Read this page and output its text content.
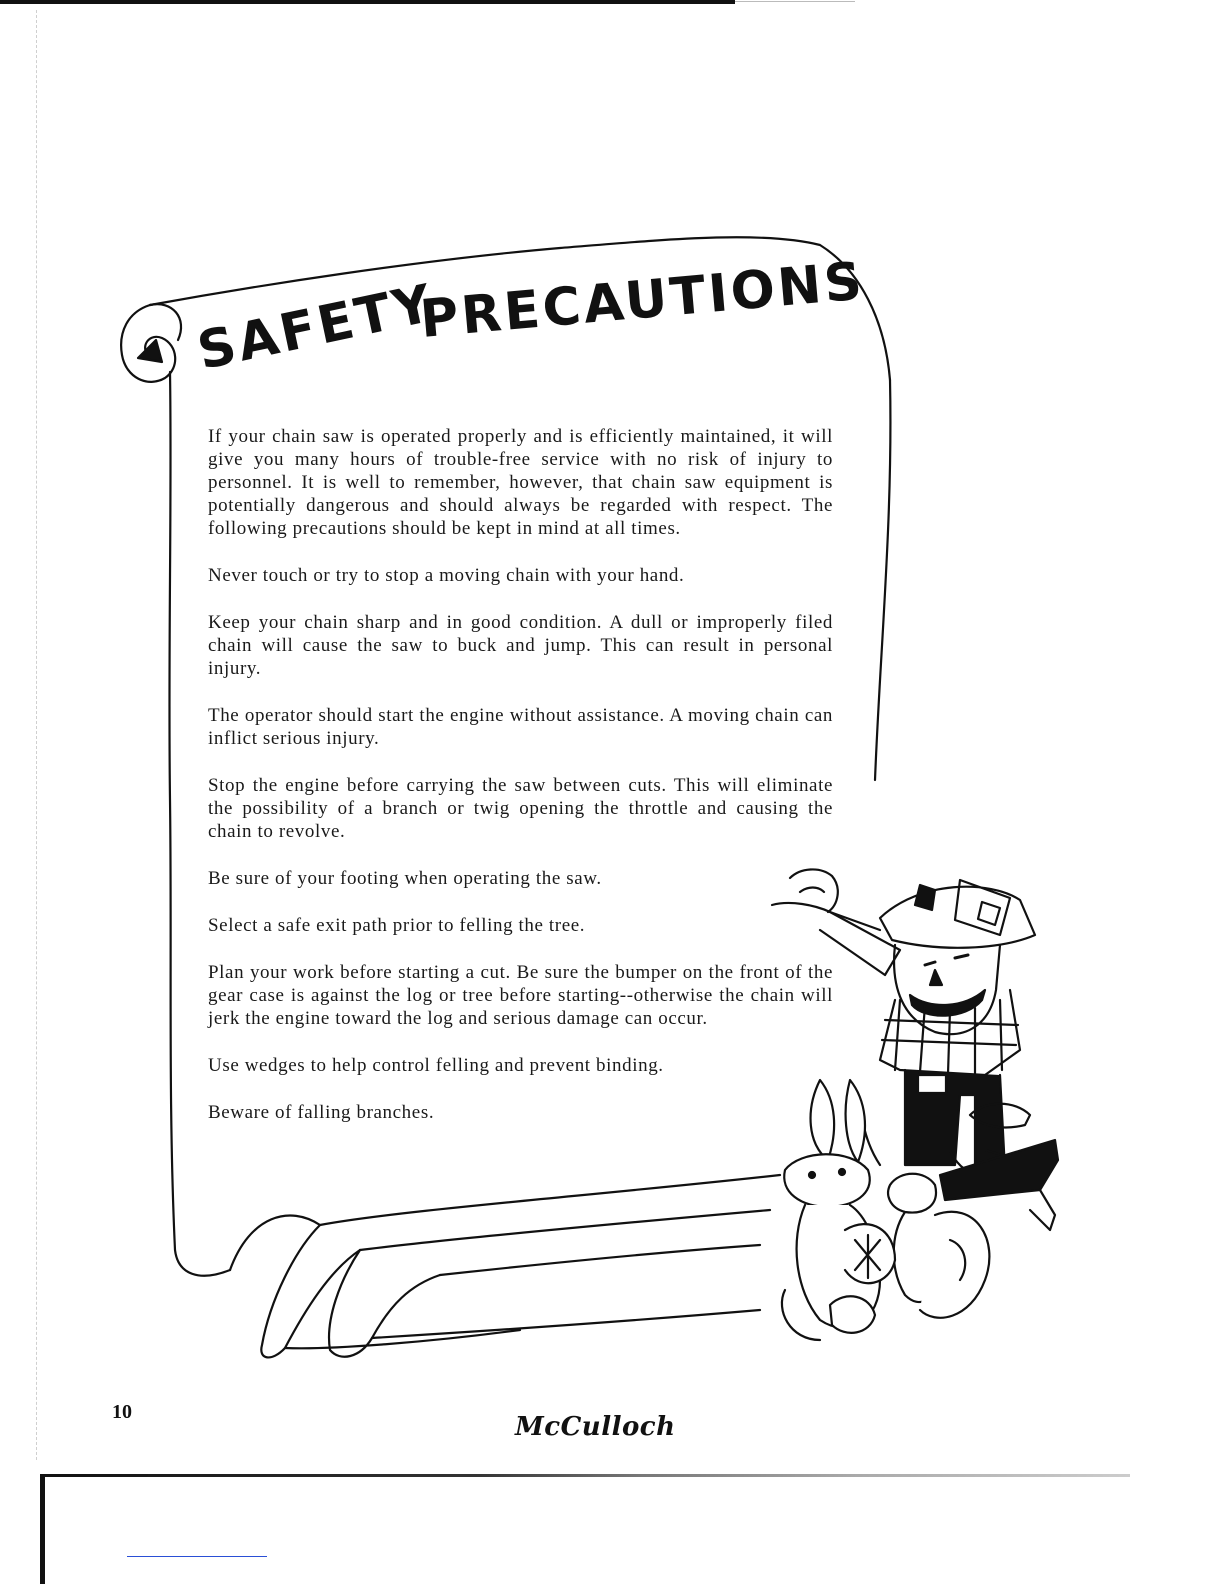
SAFETY
PRECAUTIONS

If your chain saw is operated properly and is efficiently maintained, it will give you many hours of trouble-free service with no risk of injury to personnel. It is well to remember, however, that chain saw equipment is potentially dangerous and should always be regarded with respect. The following precautions should be kept in mind at all times.

Never touch or try to stop a moving chain with your hand.

Keep your chain sharp and in good condition. A dull or improperly filed chain will cause the saw to buck and jump. This can result in personal injury.

The operator should start the engine without assistance. A moving chain can inflict serious injury.

Stop the engine before carrying the saw between cuts. This will eliminate the possibility of a branch or twig opening the throttle and causing the chain to revolve.

Be sure of your footing when operating the saw.

Select a safe exit path prior to felling the tree.

Plan your work before starting a cut. Be sure the bumper on the front of the gear case is against the log or tree before starting--otherwise the chain will jerk the engine toward the log and serious damage can occur.

Use wedges to help control felling and prevent binding.

Beware of falling branches.

10	McCulloch
